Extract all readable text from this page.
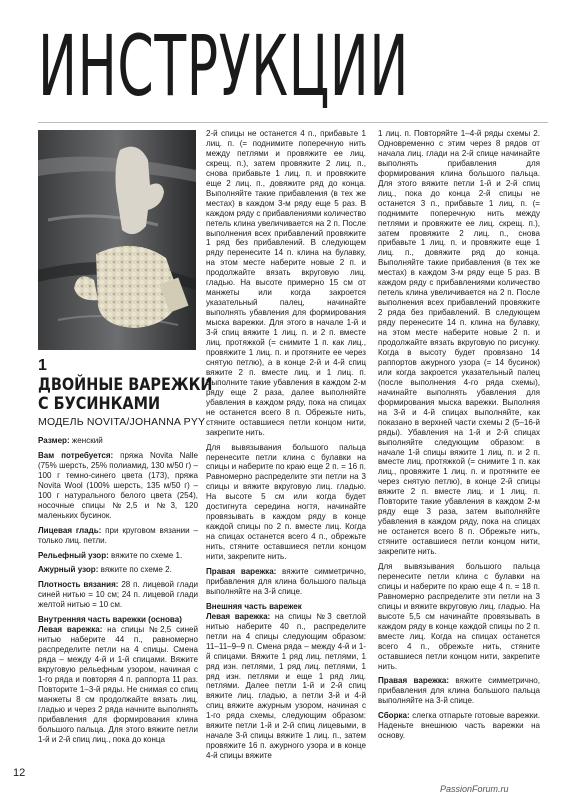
ИНСТРУКЦИИ
1
ДВОЙНЫЕ ВАРЕЖКИ
С БУСИНКАМИ
МОДЕЛЬ NOVITA/JOHANNA PYY

Размер: женский

Вам потребуется: пряжа Novita Nalle (75% шерсть, 25% полиамид, 130 м/50 г) – 100 г темно-синего цвета (173), пряжа Novita Wool (100% шерсть, 135 м/50 г) – 100 г натурального белого цвета (254), носочные спицы №2,5 и №3, 120 маленьких бусинок.

Лицевая гладь: при круговом вязании – только лиц. петли.

Рельефный узор: вяжите по схеме 1.

Ажурный узор: вяжите по схеме 2.

Плотность вязания: 28 п. лицевой глади синей нитью = 10 см; 24 п. лицевой глади желтой нитью = 10 см.

Внутренняя часть варежки (основа)

Левая варежка: на спицы №2,5 синей нитью наберите 44 п., равномерно распределите петли на 4 спицы. Смена ряда – между 4-й и 1-й спицами. Вяжите вкруговую рельефным узором, начиная с 1-го ряда и повторяя 4 п. раппорта 11 раз. Повторите 1–3-й ряды. Не снимая со спиц манжеты 8 см продолжайте вязать лиц. гладью и через 2 ряда начните выполнять прибавления для формирования клина большого пальца. Для этого вяжите петли 1-й и 2-й спиц лиц., пока до конца

2-й спицы не останется 4 п., прибавьте 1 лиц. п. (= поднимите поперечную нить между петлями и провяжите ее лиц. скрещ. п.), затем провяжите 2 лиц. п., снова прибавьте 1 лиц. п. и провяжите еще 2 лиц. п., довяжите ряд до конца. Выполняйте такие прибавления (в тех же местах) в каждом 3-м ряду еще 5 раз. В каждом ряду с прибавлениями количество петель клина увеличивается на 2 п. После выполнения всех прибавлений провяжите 1 ряд без прибавлений. В следующем ряду перенесите 14 п. клина на булавку, на этом месте наберите новые 2 п. и продолжайте вязать вкруговую лиц. гладью. На высоте примерно 15 см от манжеты или когда закроется указательный палец, начинайте выполнять убавления для формирования мыска варежки. Для этого в начале 1-й и 3-й спиц вяжите 1 лиц. п. и 2 п. вместе лиц. протяжкой (= снимите 1 п. как лиц., провяжите 1 лиц. п. и протяните ее через снятую петлю), а в конце 2-й и 4-й спиц вяжите 2 п. вместе лиц. и 1 лиц. п. Выполните такие убавления в каждом 2-м ряду еще 2 раза, далее выполняйте убавления в каждом ряду, пока на спицах не останется всего 8 п. Обрежьте нить, стяните оставшиеся петли концом нити, закрепите нить.

Для вывязывания большого пальца перенесите петли клина с булавки на спицы и наберите по краю еще 2 п. = 16 п. Равномерно распределите эти петли на 3 спицы и вяжите вкруговую лиц. гладью. На высоте 5 см или когда будет достигнута середина ногтя, начинайте провязывать в каждом ряду в конце каждой спицы по 2 п. вместе лиц. Когда на спицах останется всего 4 п., обрежьте нить, стяните оставшиеся петли концом нити, закрепите нить.

Правая варежка: вяжите симметрично, прибавления для клина большого пальца выполняйте на 3-й спице.

Внешняя часть варежек

Левая варежка: на спицы №3 светлой нитью наберите 40 п., распределите петли на 4 спицы следующим образом: 11–11–9–9 п. Смена ряда – между 4-й и 1-й спицами. Вяжите 1 ряд лиц. петлями, 1 ряд изн. петлями, 1 ряд лиц. петлями, 1 ряд изн. петлями и еще 1 ряд лиц. петлями. Далее петли 1-й и 2-й спиц вяжите лиц. гладью, а петли 3-й и 4-й спиц вяжите ажурным узором, начиная с 1-го ряда схемы, следующим образом: вяжите петли 1-й и 2-й спиц лицевыми, в начале 3-й спицы вяжите 1 лиц. п., затем провяжите 16 п. ажурного узора и в конце 4-й спицы вяжите

1 лиц. п. Повторяйте 1–4-й ряды схемы 2. Одновременно с этим через 8 рядов от начала лиц. глади на 2-й спице начинайте выполнять прибавления для формирования клина большого пальца. Для этого вяжите петли 1-й и 2-й спиц лиц., пока до конца 2-й спицы не останется 3 п., прибавьте 1 лиц. п. (= поднимите поперечную нить между петлями и провяжите ее лиц. скрещ. п.), затем провяжите 2 лиц. п., снова прибавьте 1 лиц. п. и провяжите еще 1 лиц. п., довяжите ряд до конца. Выполняйте такие прибавления (в тех же местах) в каждом 3-м ряду еще 5 раз. В каждом ряду с прибавлениями количество петель клина увеличивается на 2 п. После выполнения всех прибавлений провяжите 2 ряда без прибавлений. В следующем ряду перенесите 14 п. клина на булавку, на этом месте наберите новые 2 п. и продолжайте вязать вкруговую по рисунку. Когда в высоту будет провязано 14 раппортов ажурного узора (= 14 бусинок) или когда закроется указательный палец (после выполнения 4-го ряда схемы), начинайте выполнять убавления для формирования мыска варежки. Выполняя на 3-й и 4-й спицах выполняйте, как показано в верхней части схемы 2 (5–16-й ряды). Убавления на 1-й и 2-й спицах выполняйте следующим образом: в начале 1-й спицы вяжите 1 лиц. п. и 2 п. вместе лиц. протяжкой (= снимите 1 п. как лиц., провяжите 1 лиц. п. и протяните ее через снятую петлю), в конце 2-й спицы вяжите 2 п. вместе лиц. и 1 лиц. п. Повторите такие убавления в каждом 2-м ряду еще 3 раза, затем выполняйте убавления в каждом ряду, пока на спицах не останется всего 8 п. Обрежьте нить, стяните оставшиеся петли концом нити, закрепите нить.

Для вывязывания большого пальца перенесите петли клина с булавки на спицы и наберите по краю еще 4 п. = 18 п. Равномерно распределите эти петли на 3 спицы и вяжите вкруговую лиц. гладью. На высоте 5,5 см начинайте провязывать в каждом ряду в конце каждой спицы по 2 п. вместе лиц. Когда на спицах останется всего 4 п., обрежьте нить, стяните оставшиеся петли концом нити, закрепите нить.

Правая варежка: вяжите симметрично, прибавления для клина большого пальца выполняйте на 3-й спице.

Сборка: слегка отпарьте готовые варежки. Наденьте внешнюю часть варежки на основу.

12
PassionForum.ru
